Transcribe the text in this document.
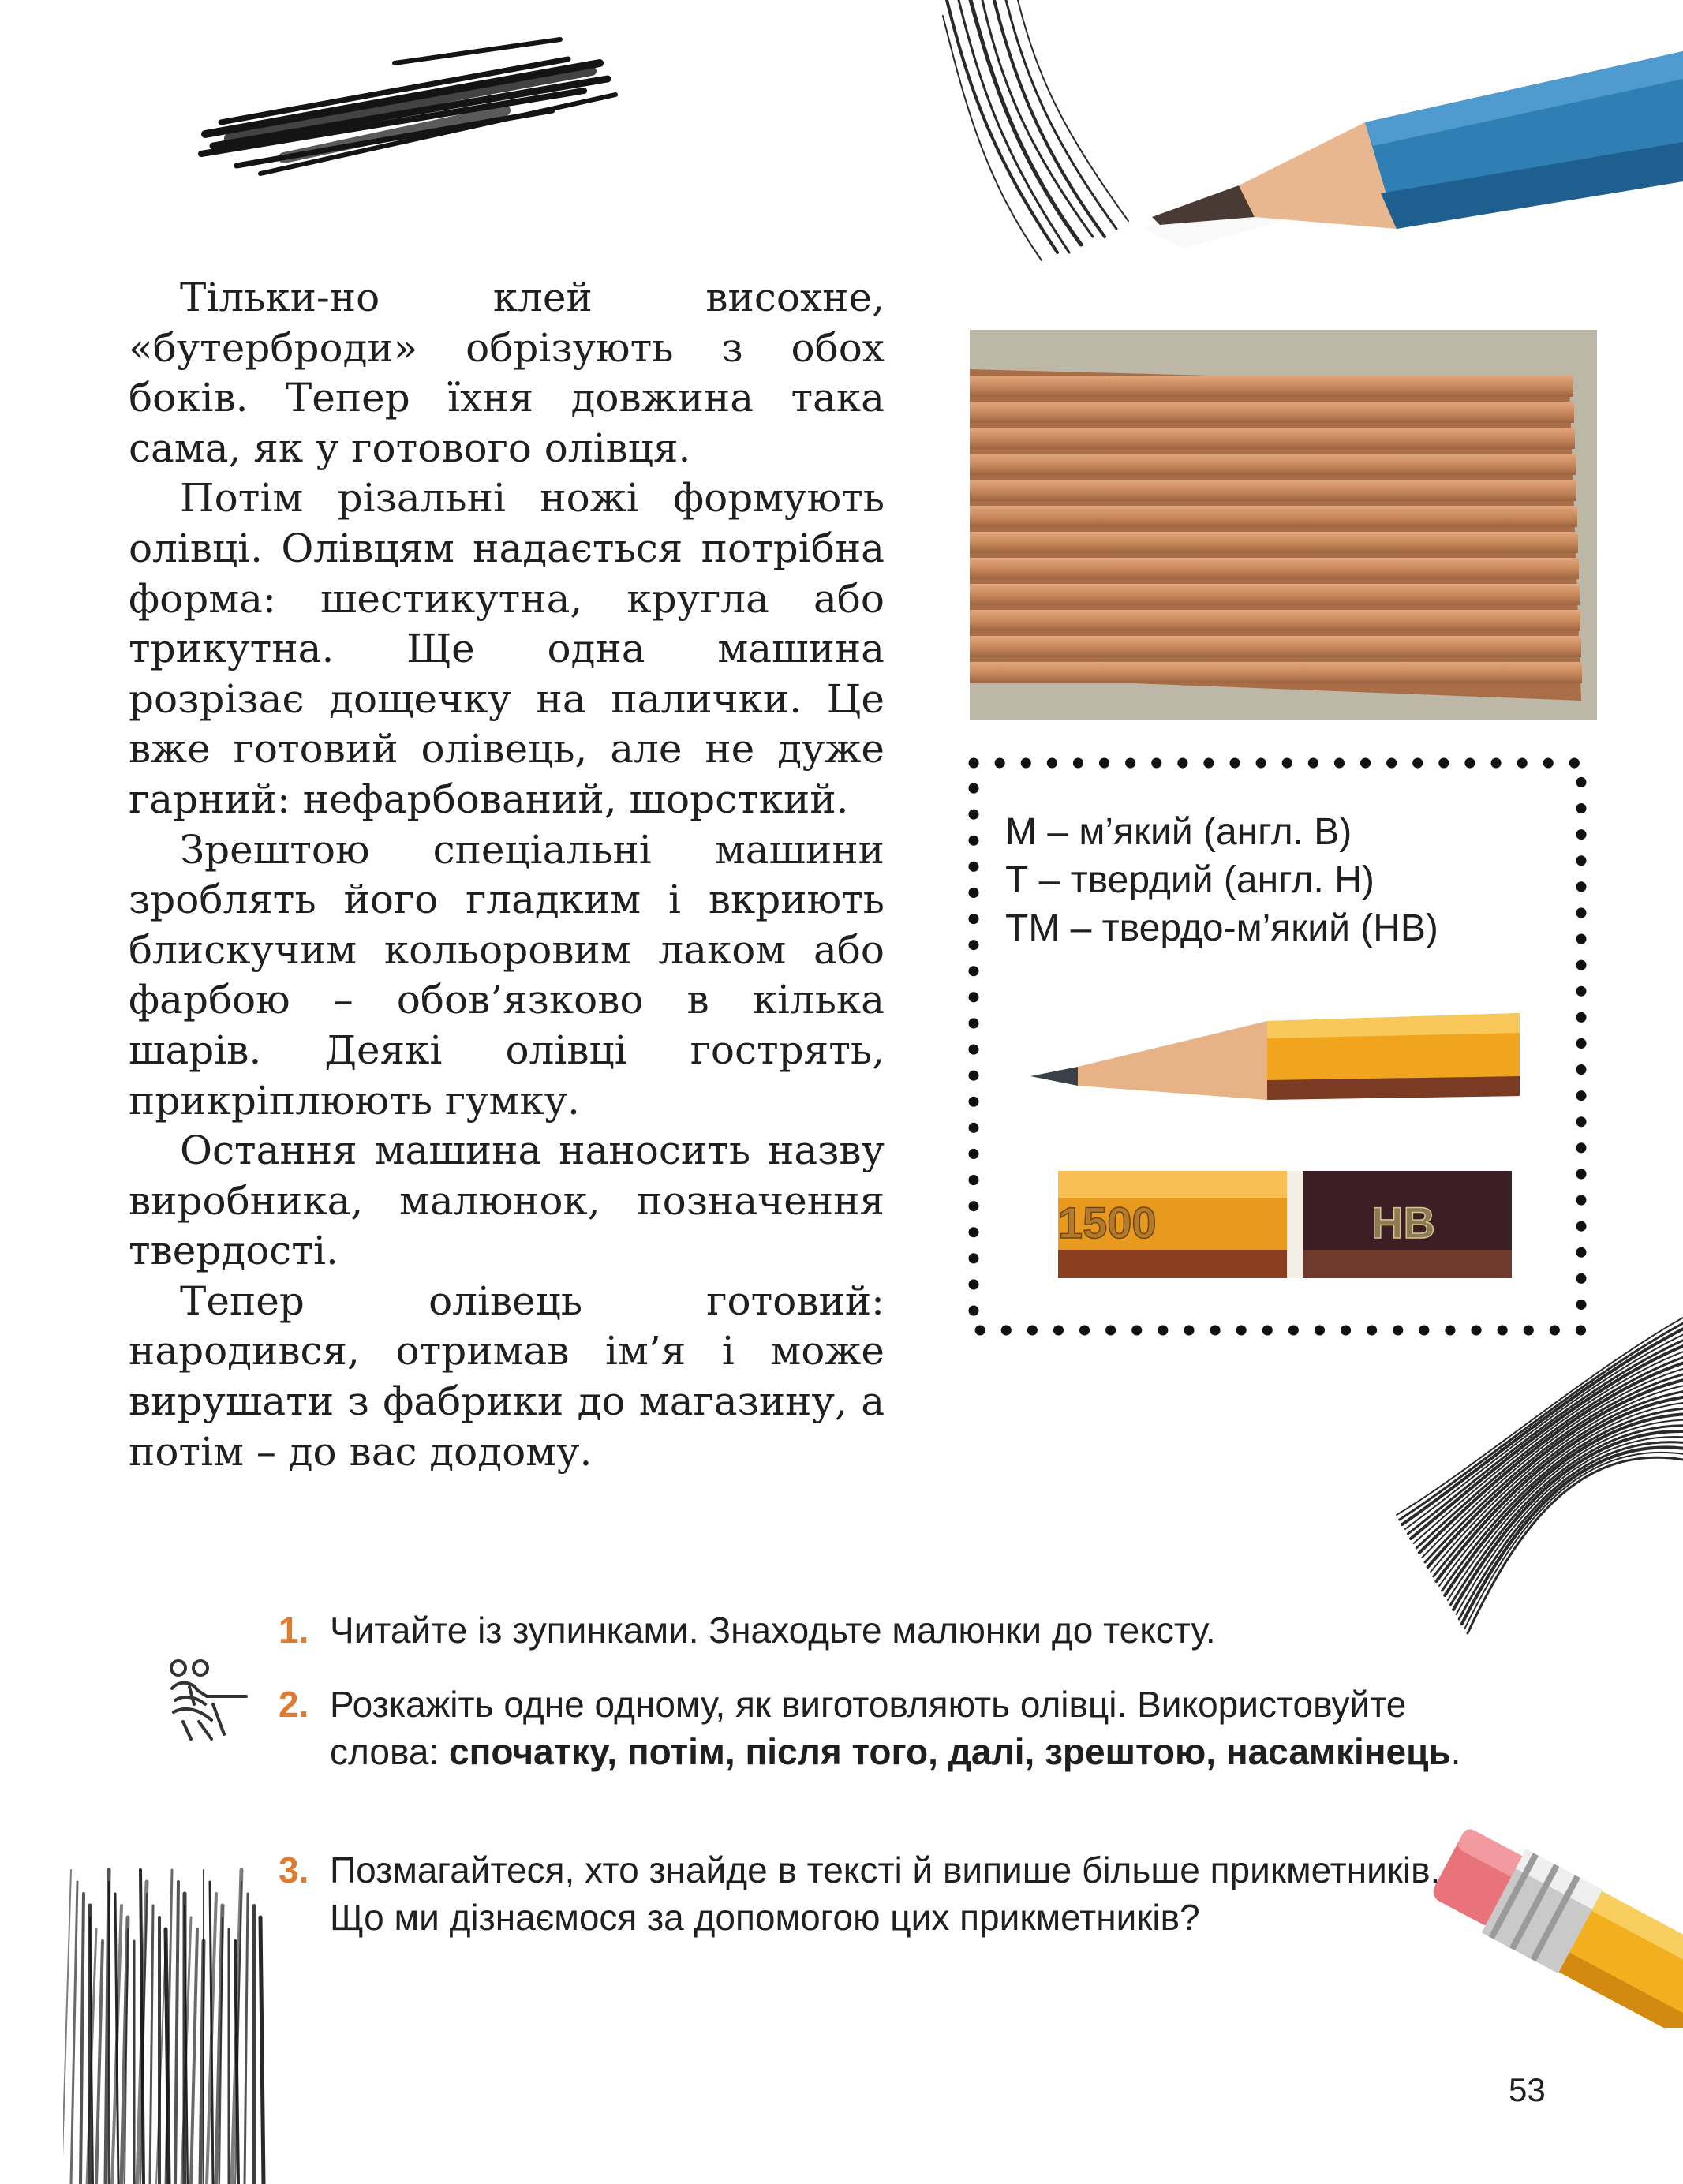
Тільки-но клей висохне, «бутерброди» обрізують з обох боків. Тепер їхня довжина така сама, як у готового олівця.

Потім різальні ножі формують олівці. Олівцям надається потрібна форма: шестикутна, кругла або трикутна. Ще одна машина розрізає дощечку на палички. Це вже готовий олівець, але не дуже гарний: нефарбований, шорсткий.

Зрештою спеціальні машини зроблять його гладким і вкриють блискучим кольоровим лаком або фарбою – обов’язково в кілька шарів. Деякі олівці гострять, прикріплюють гумку.

Остання машина наносить назву виробника, малюнок, позначення твердості.

Тепер олівець готовий: народився, отримав ім’я і може вирушати з фабрики до магазину, а потім – до вас додому.

М – м’який (англ. B)
Т – твердий (англ. H)
ТМ – твердо-м’який (HB)
1500	HB
1. Читайте із зупинками. Знаходьте малюнки до тексту.
2. Розкажіть одне одному, як виготовляють олівці. Використовуйте слова: спочатку, потім, після того, далі, зрештою, насамкінець.
3. Позмагайтеся, хто знайде в тексті й випише більше прикметників. Що ми дізнаємося за допомогою цих прикметників?
53
